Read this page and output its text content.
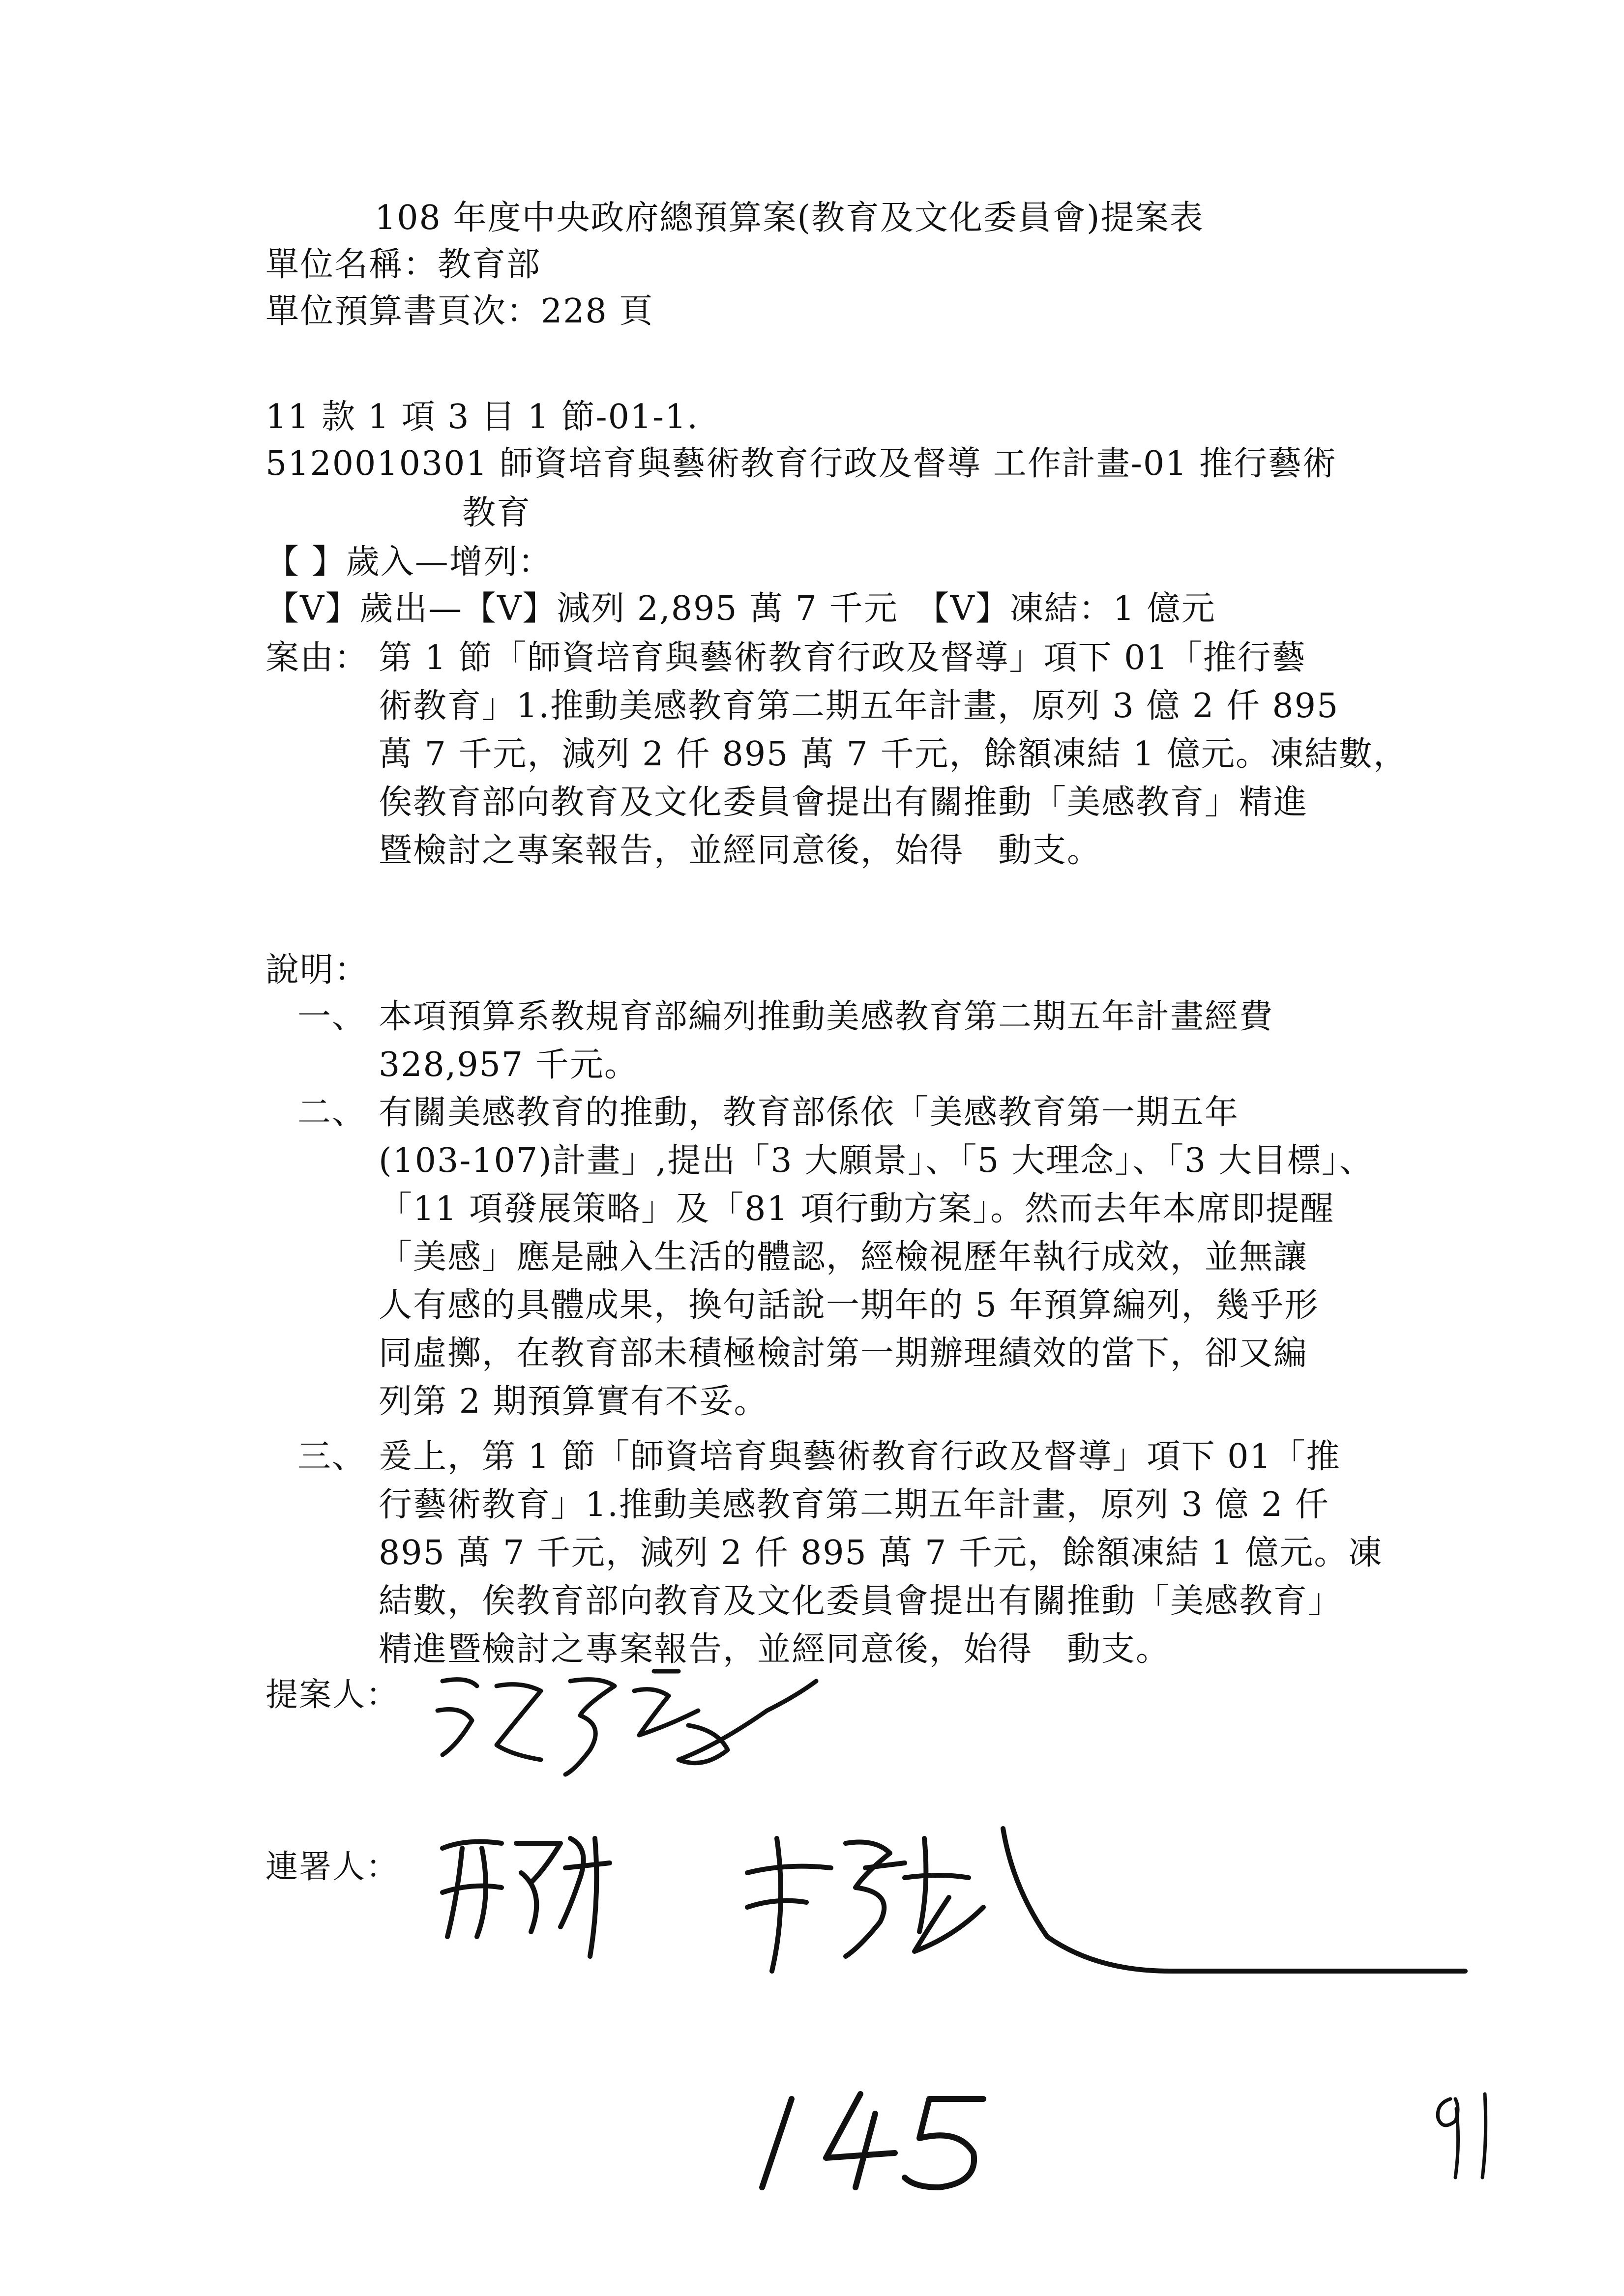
108 年度中央政府總預算案(教育及文化委員會)提案表
單位名稱：教育部
單位預算書頁次：228 頁
11 款 1 項 3 目 1 節-01-1.
5120010301 師資培育與藝術教育行政及督導 工作計畫-01 推行藝術
教育
【 】歲入—增列：
【V】歲出—【V】減列 2,895 萬 7 千元　【V】凍結：1 億元
案由： 第 1 節「師資培育與藝術教育行政及督導」項下 01「推行藝
術教育」1.推動美感教育第二期五年計畫，原列 3 億 2 仟 895
萬 7 千元，減列 2 仟 895 萬 7 千元，餘額凍結 1 億元。凍結數，
俟教育部向教育及文化委員會提出有關推動「美感教育」精進
暨檢討之專案報告，並經同意後，始得　動支。
說明：
一、 本項預算系教規育部編列推動美感教育第二期五年計畫經費
328,957 千元。
二、 有關美感教育的推動，教育部係依「美感教育第一期五年
(103-107)計畫」,提出「3 大願景」、「5 大理念」、「3 大目標」、
「11 項發展策略」及「81 項行動方案」。然而去年本席即提醒
「美感」應是融入生活的體認，經檢視歷年執行成效，並無讓
人有感的具體成果，換句話說一期年的 5 年預算編列，幾乎形
同虛擲，在教育部未積極檢討第一期辦理績效的當下，卻又編
列第 2 期預算實有不妥。
三、 爰上，第 1 節「師資培育與藝術教育行政及督導」項下 01「推
行藝術教育」1.推動美感教育第二期五年計畫，原列 3 億 2 仟
895 萬 7 千元，減列 2 仟 895 萬 7 千元，餘額凍結 1 億元。凍
結數，俟教育部向教育及文化委員會提出有關推動「美感教育」
精進暨檢討之專案報告，並經同意後，始得　動支。
提案人：
連署人：
145
91
